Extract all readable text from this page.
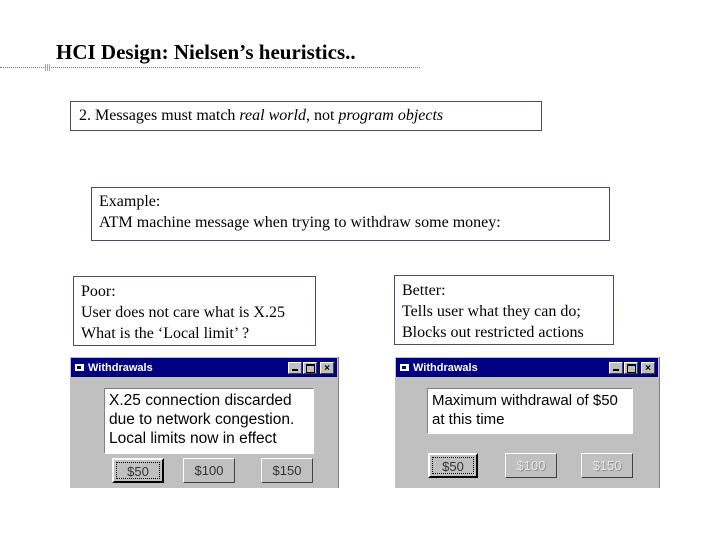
HCI Design: Nielsen’s heuristics..
2. Messages must match real world, not program objects
Example:
ATM machine message when trying to withdraw some money:
Poor:
User does not care what is X.25
What is the ‘Local limit’ ?
Better:
Tells user what they can do;
Blocks out restricted actions
Withdrawals	×
X.25 connection discarded
due to network congestion.
Local limits now in effect
$50	$100	$150
Withdrawals	×
Maximum withdrawal of $50
at this time
$50	$100	$150
